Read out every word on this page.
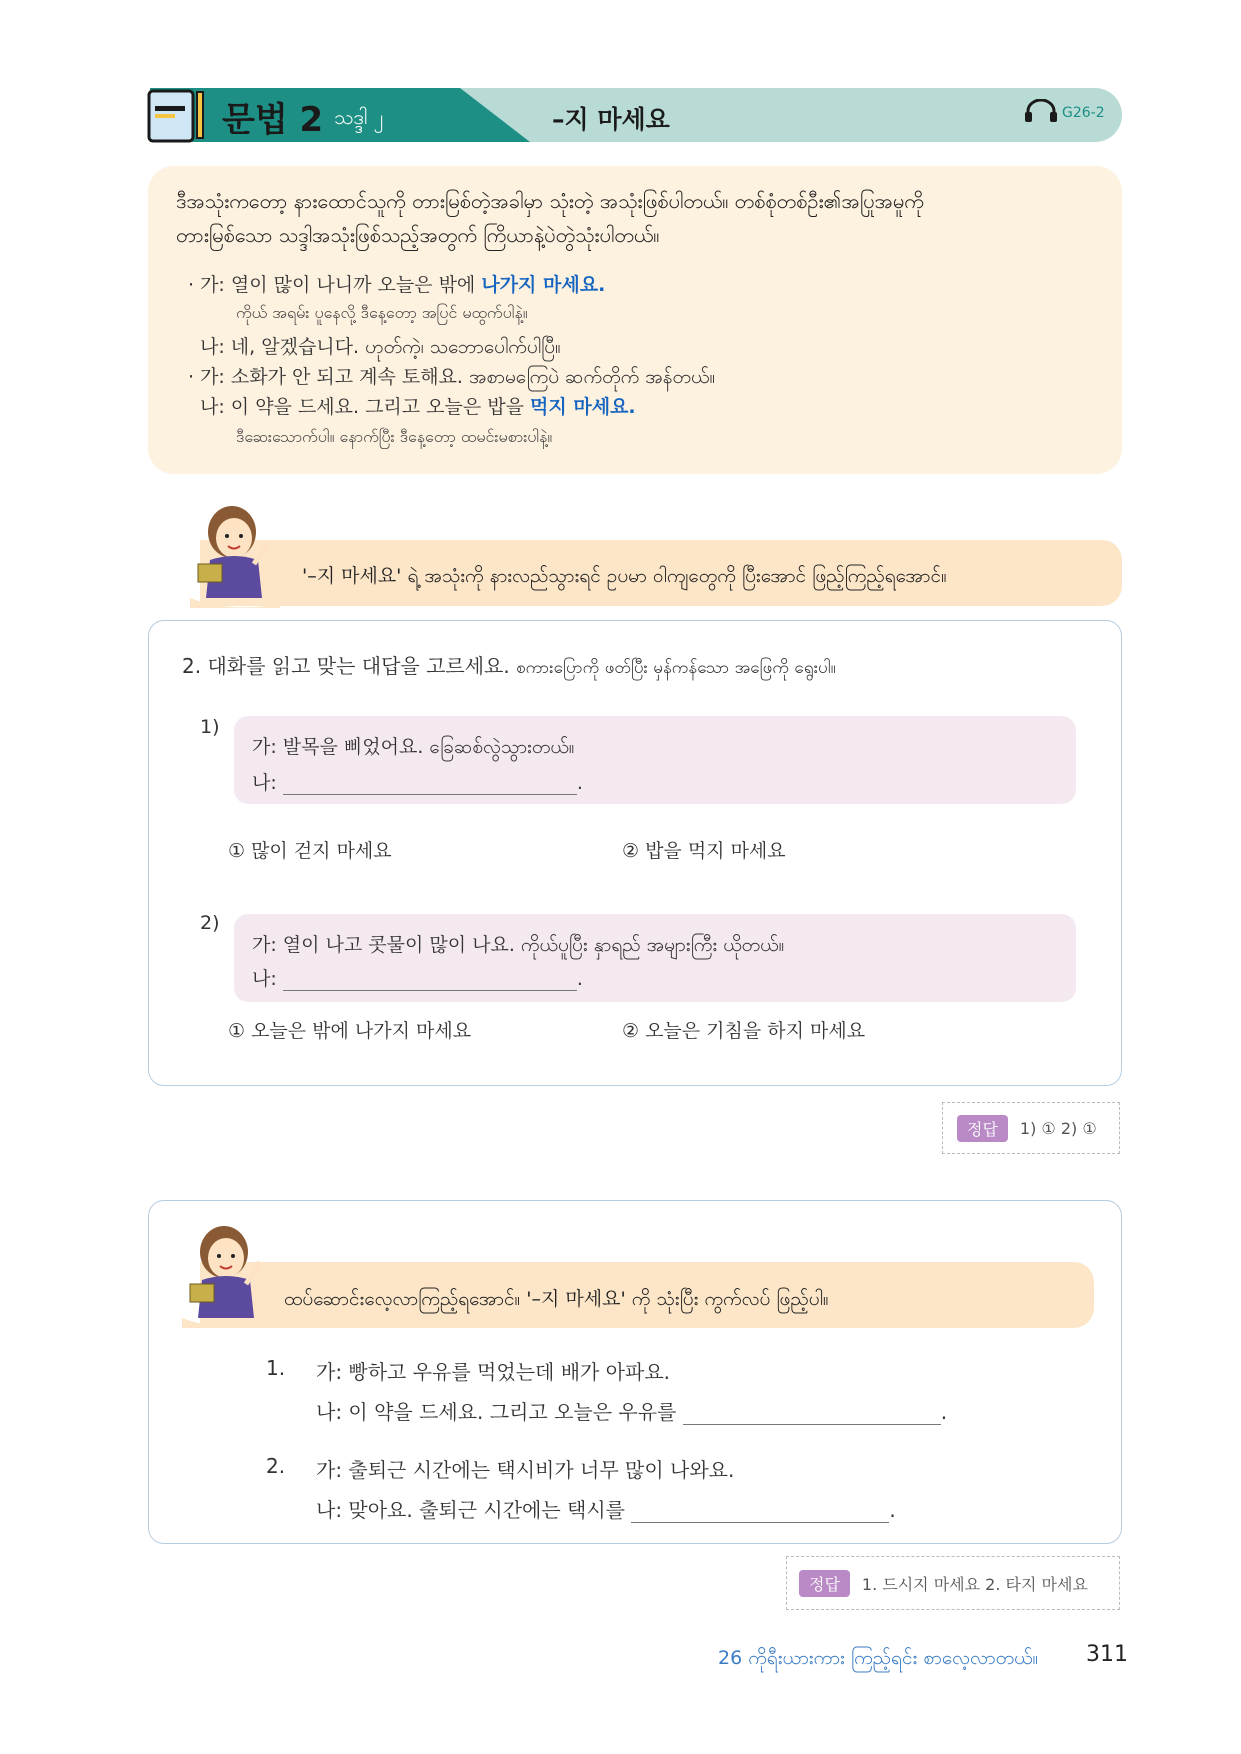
문법 2 သဒ္ဒါ ၂	–지 마세요	G26-2
ဒီအသုံးကတော့ နားထောင်သူကို တားမြစ်တဲ့အခါမှာ သုံးတဲ့ အသုံးဖြစ်ပါတယ်။ တစ်စုံတစ်ဦး၏အပြုအမူကို
တားမြစ်သော သဒ္ဒါအသုံးဖြစ်သည့်အတွက် ကြိယာနဲ့ပဲတွဲသုံးပါတယ်။
· 가: 열이 많이 나니까 오늘은 밖에 나가지 마세요.
ကိုယ် အရမ်း ပူနေလို့ ဒီနေ့တော့ အပြင် မထွက်ပါနဲ့။
나: 네, 알겠습니다. ဟုတ်ကဲ့၊ သဘောပေါက်ပါပြီ။
· 가: 소화가 안 되고 계속 토해요. အစာမကြေပဲ ဆက်တိုက် အန်တယ်။
나: 이 약을 드세요. 그리고 오늘은 밥을 먹지 마세요.
ဒီဆေးသောက်ပါ။ နောက်ပြီး ဒီနေ့တော့ ထမင်းမစားပါနဲ့။
'–지 마세요' ရဲ့ အသုံးကို နားလည်သွားရင် ဥပမာ ဝါကျတွေကို ပြီးအောင် ဖြည့်ကြည့်ရအောင်။
2. 대화를 읽고 맞는 대답을 고르세요. စကားပြောကို ဖတ်ပြီး မှန်ကန်သော အဖြေကို ရွေးပါ။
1)
가: 발목을 삐었어요. ခြေဆစ်လွဲသွားတယ်။
나:	.
① 많이 걷지 마세요	② 밥을 먹지 마세요
2)
가: 열이 나고 콧물이 많이 나요. ကိုယ်ပူပြီး နှာရည် အများကြီး ယိုတယ်။
나:	.
① 오늘은 밖에 나가지 마세요	② 오늘은 기침을 하지 마세요
정답	1) ① 2) ①
ထပ်ဆောင်းလေ့လာကြည့်ရအောင်။ '–지 마세요' ကို သုံးပြီး ကွက်လပ် ဖြည့်ပါ။
1. 가: 빵하고 우유를 먹었는데 배가 아파요.
나: 이 약을 드세요. 그리고 오늘은 우유를	.
2. 가: 출퇴근 시간에는 택시비가 너무 많이 나와요.
나: 맞아요. 출퇴근 시간에는 택시를	.
정답	1. 드시지 마세요 2. 타지 마세요
26 ကိုရီးယားကား ကြည့်ရင်း စာလေ့လာတယ်။ 311
